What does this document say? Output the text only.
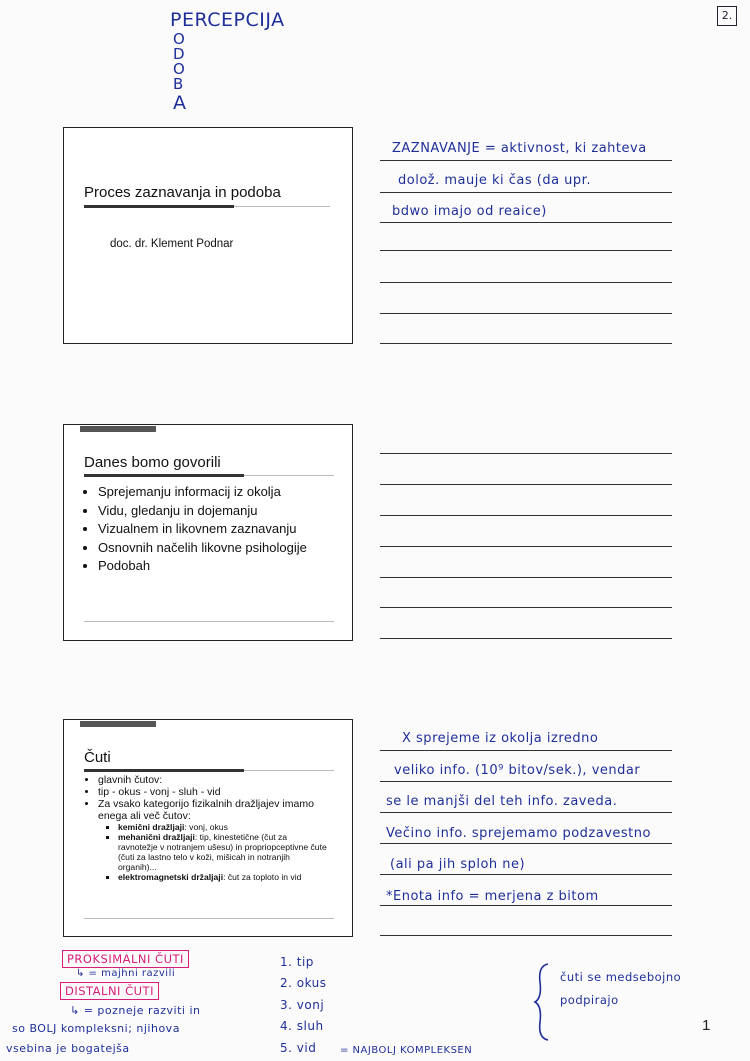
2.
PERCEPCIJA
O
D
O
B
A
Proces zaznavanja in podoba
doc. dr. Klement Podnar
ZAZNAVANJE = aktivnost, ki zahteva
dolož. mauje ki čas (da upr.
bdwo imajo od reaice)
Danes bomo govorili
• Sprejemanju informacij iz okolja
• Vidu, gledanju in dojemanju
• Vizualnem in likovnem zaznavanju
• Osnovnih načelih likovne psihologije
• Podobah
Čuti
• glavnih čutov:
• tip - okus - vonj - sluh - vid
• Za vsako kategorijo fizikalnih dražljajev imamo enega ali več čutov:
▪ kemični dražljaji: vonj, okus
▪ mehanični dražljaji: tip, kinestetične (čut za ravnotežje v notranjem ušesu) in propriopceptivne čute (čuti za lastno telo v koži, mišicah in notranjih organih)...
▪ elektromagnetski držaljaji: čut za toploto in vid
X sprejeme iz okolja izredno
veliko info. (10⁹ bitov/sek.), vendar
se le manjši del teh info. zaveda.
Večino info. sprejemamo podzavestno
(ali pa jih sploh ne)
*Enota info = merjena z bitom
PROKSIMALNI ČUTI
↳ = majhni razvili
DISTALNI ČUTI
↳ = pozneje razviti in
so BOLJ kompleksni; njihova
vsebina je bogatejša
1. tip
2. okus
3. vonj
4. sluh
5. vid = NAJBOLJ KOMPLEKSEN
čuti se medsebojno
podpirajo
1
